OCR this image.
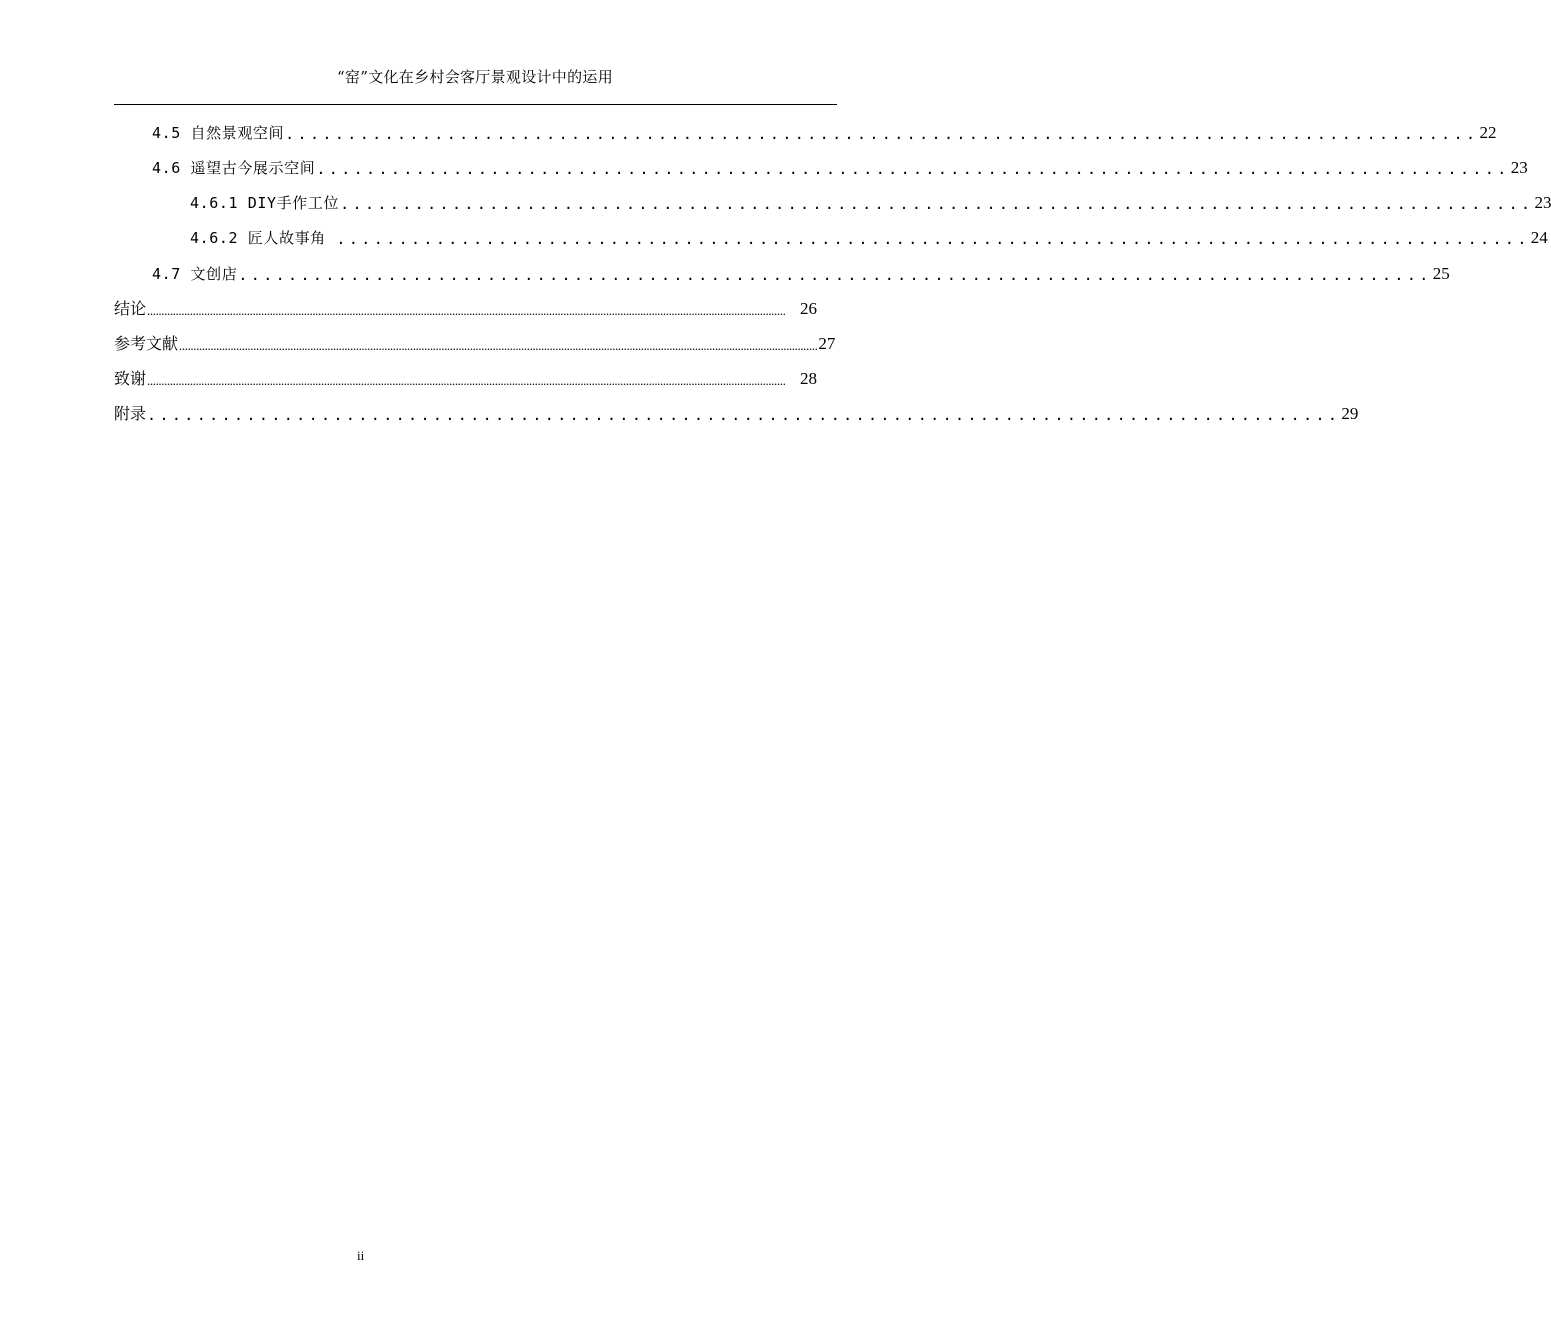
“窑”文化在乡村会客厅景观设计中的运用
4.5 自然景观空间 ................................................................................................ 22
4.6 遥望古今展示空间 ................................................................................................ 23
4.6.1 DIY手作工位 ................................................................................................ 23
4.6.2 匠人故事角 ................................................................................................ 24
4.7 文创店 ................................................................................................ 25
结论 ................................................................................................................................................................................................................................ 26
参考文献 ................................................................................................................................................................................................................................ 27
致谢 ................................................................................................................................................................................................................................ 28
附录 ................................................................................................ 29
ii
